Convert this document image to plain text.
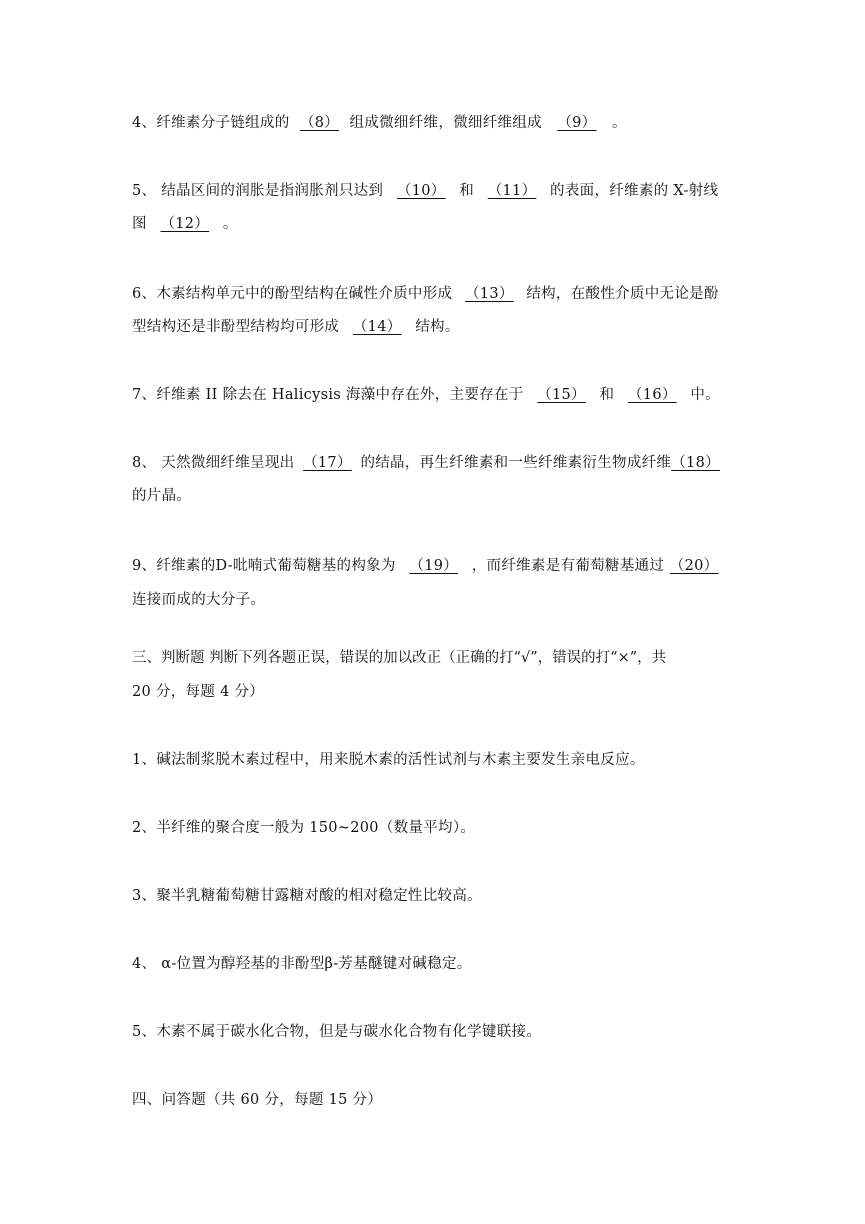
4、纤维素分子链组成的 （8） 组成微细纤维，微细纤维组成 （9） 。
5、 结晶区间的润胀是指润胀剂只达到 （10） 和 （11） 的表面，纤维素的 X-射线
图 （12） 。
6、木素结构单元中的酚型结构在碱性介质中形成 （13） 结构，在酸性介质中无论是酚
型结构还是非酚型结构均可形成 （14） 结构。
7、纤维素 II 除去在 Halicysis 海藻中存在外，主要存在于 （15） 和 （16） 中。
8、 天然微细纤维呈现出 （17） 的结晶，再生纤维素和一些纤维素衍生物成纤维（18）
的片晶。
9、纤维素的D-吡喃式葡萄糖基的构象为 （19） ，而纤维素是有葡萄糖基通过 （20）
连接而成的大分子。
三、判断题 判断下列各题正误，错误的加以改正（正确的打“√”，错误的打“×”，共
20 分，每题 4 分）
1、碱法制浆脱木素过程中，用来脱木素的活性试剂与木素主要发生亲电反应。
2、半纤维的聚合度一般为 150~200（数量平均）。
3、聚半乳糖葡萄糖甘露糖对酸的相对稳定性比较高。
4、 α-位置为醇羟基的非酚型β-芳基醚键对碱稳定。
5、木素不属于碳水化合物，但是与碳水化合物有化学键联接。
四、问答题（共 60 分，每题 15 分）
